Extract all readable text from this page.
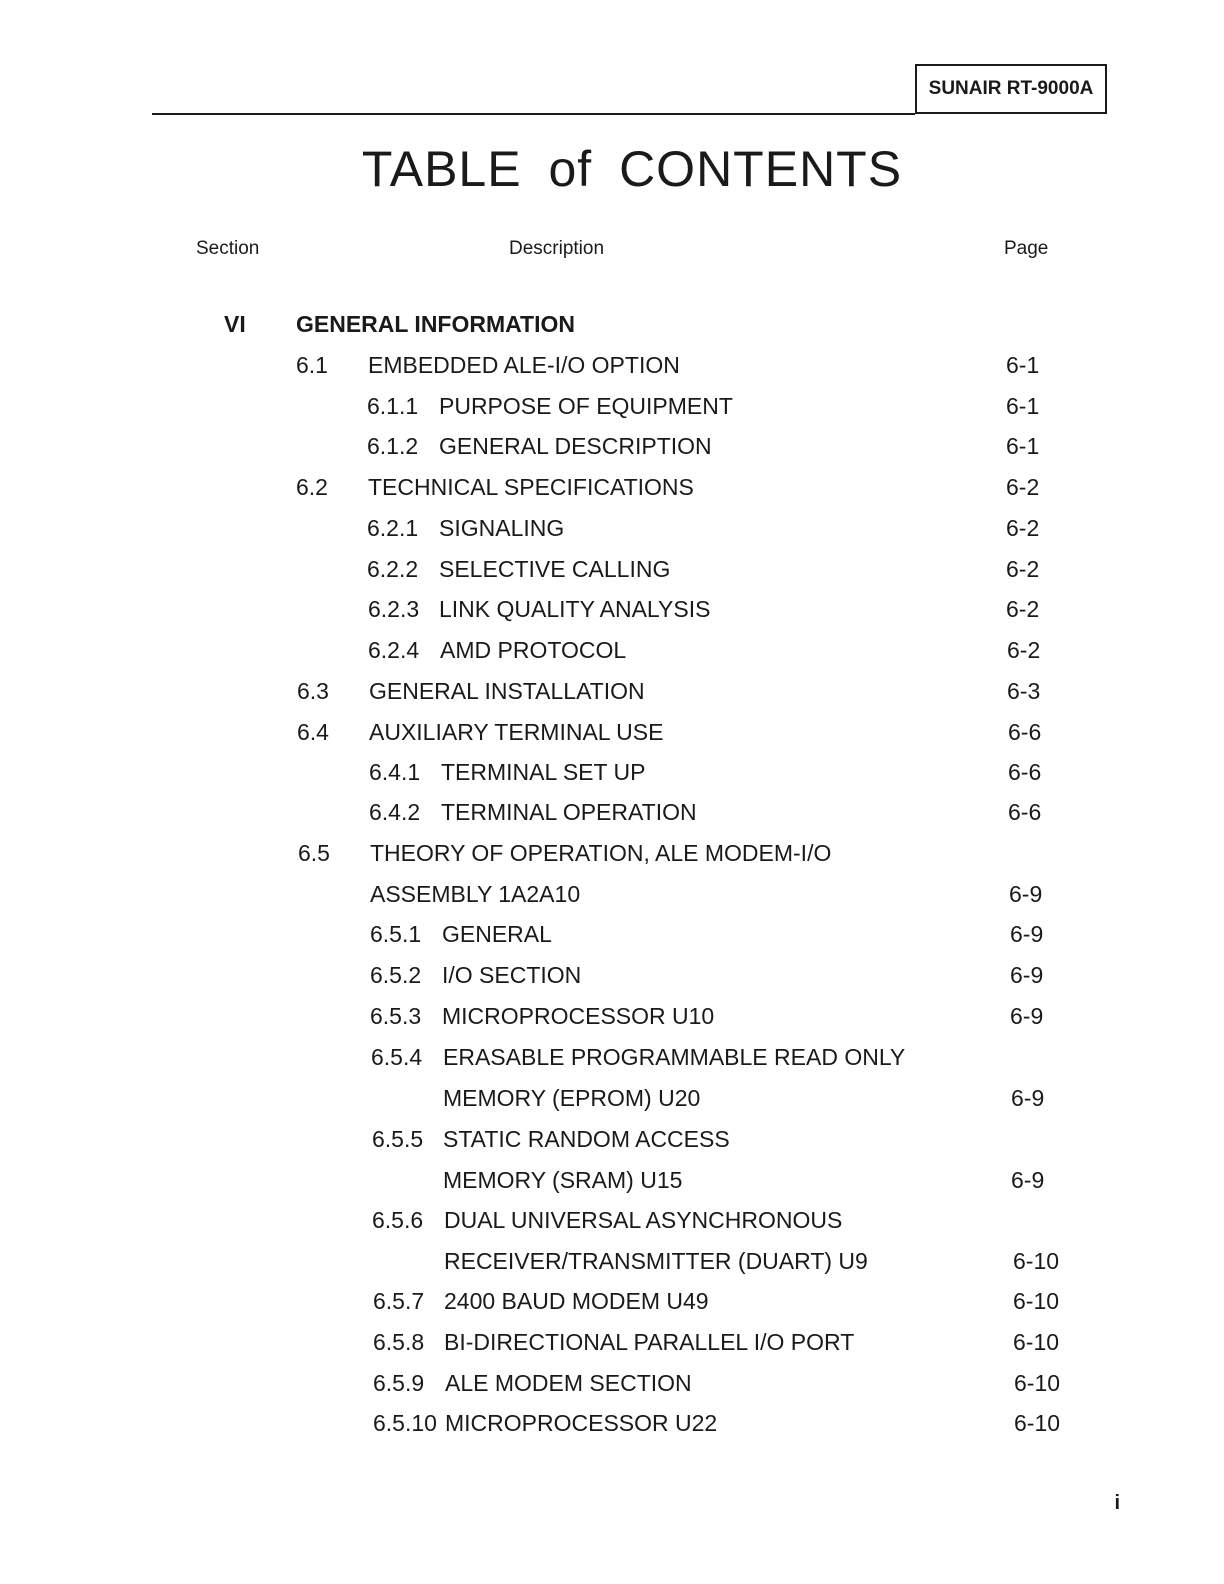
SUNAIR RT-9000A
TABLE of CONTENTS
Section	Description	Page
VI GENERAL INFORMATION
6.1 EMBEDDED ALE-I/O OPTION	6-1
6.1.1 PURPOSE OF EQUIPMENT	6-1
6.1.2 GENERAL DESCRIPTION	6-1
6.2 TECHNICAL SPECIFICATIONS	6-2
6.2.1 SIGNALING	6-2
6.2.2 SELECTIVE CALLING	6-2
6.2.3 LINK QUALITY ANALYSIS	6-2
6.2.4 AMD PROTOCOL	6-2
6.3 GENERAL INSTALLATION	6-3
6.4 AUXILIARY TERMINAL USE	6-6
6.4.1 TERMINAL SET UP	6-6
6.4.2 TERMINAL OPERATION	6-6
6.5 THEORY OF OPERATION, ALE MODEM-I/O
ASSEMBLY 1A2A10	6-9
6.5.1 GENERAL	6-9
6.5.2 I/O SECTION	6-9
6.5.3 MICROPROCESSOR U10	6-9
6.5.4 ERASABLE PROGRAMMABLE READ ONLY
MEMORY (EPROM) U20	6-9
6.5.5 STATIC RANDOM ACCESS
MEMORY (SRAM) U15	6-9
6.5.6 DUAL UNIVERSAL ASYNCHRONOUS
RECEIVER/TRANSMITTER (DUART) U9	6-10
6.5.7 2400 BAUD MODEM U49	6-10
6.5.8 BI-DIRECTIONAL PARALLEL I/O PORT	6-10
6.5.9 ALE MODEM SECTION	6-10
6.5.10 MICROPROCESSOR U22	6-10
i
